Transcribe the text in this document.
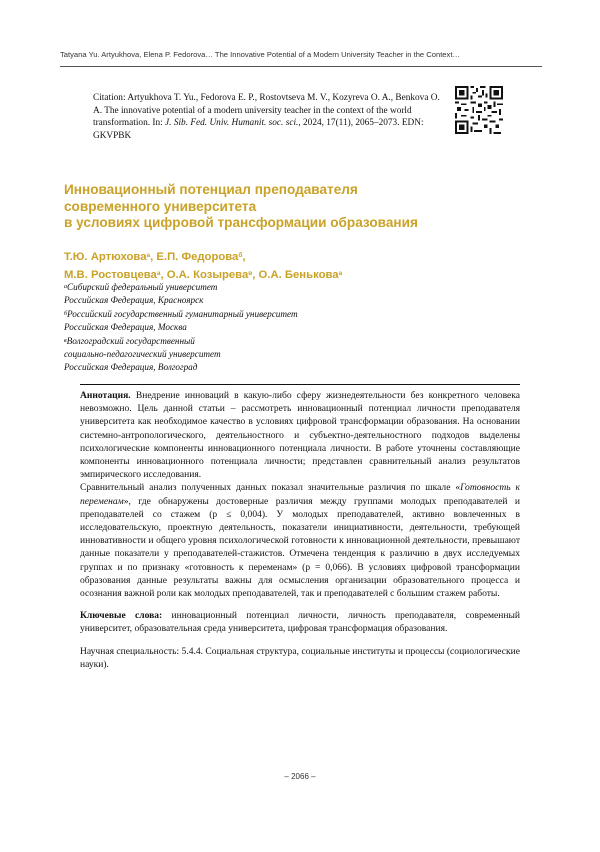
Tatyana Yu. Artyukhova, Elena P. Fedorova… The Innovative Potential of a Modern University Teacher in the Context…
Citation: Artyukhova T. Yu., Fedorova E. P., Rostovtseva M. V., Kozyreva O. A., Benkova O. A. The innovative potential of a modern university teacher in the context of the world transformation. In: J. Sib. Fed. Univ. Humanit. soc. sci., 2024, 17(11), 2065–2073. EDN: GKVPBK
Инновационный потенциал преподавателя
современного университета
в условиях цифровой трансформации образования
Т.Ю. Артюхова$^а$, Е.П. Федорова$^б$,
М.В. Ростовцева$^а$, О.А. Козырева$^в$, О.А. Бенькова$^а$
$^а$Сибирский федеральный университет
Российская Федерация, Красноярск
$^б$Российский государственный гуманитарный университет
Российская Федерация, Москва
$^в$Волгоградский государственный
социально-педагогический университет
Российская Федерация, Волгоград

Аннотация. Внедрение инноваций в какую-либо сферу жизнедеятельности без конкретного человека невозможно. Цель данной статьи – рассмотреть инновационный потенциал личности преподавателя университета как необходимое качество в условиях цифровой трансформации образования. На основании системно-антропологического, деятельностного и субъектно-деятельностного подходов выделены психологические компоненты инновационного потенциала личности. В работе уточнены составляющие компоненты инновационного потенциала личности; представлен сравнительный анализ результатов эмпирического исследования.

Сравнительный анализ полученных данных показал значительные различия по шкале «Готовность к переменам», где обнаружены достоверные различия между группами молодых преподавателей и преподавателей со стажем (p ≤ 0,004). У молодых преподавателей, активно вовлеченных в исследовательскую, проектную деятельность, показатели инициативности, деятельности, требующей инновативности и общего уровня психологической готовности к инновационной деятельности, превышают данные показатели у преподавателей-стажистов. Отмечена тенденция к различию в двух исследуемых группах и по признаку «готовность к переменам» (p = 0,066). В условиях цифровой трансформации образования данные результаты важны для осмысления организации образовательного процесса и осознания важной роли как молодых преподавателей, так и преподавателей с большим стажем работы.

Ключевые слова: инновационный потенциал личности, личность преподавателя, современный университет, образовательная среда университета, цифровая трансформация образования.

Научная специальность: 5.4.4. Социальная структура, социальные институты и процессы (социологические науки).

– 2066 –
